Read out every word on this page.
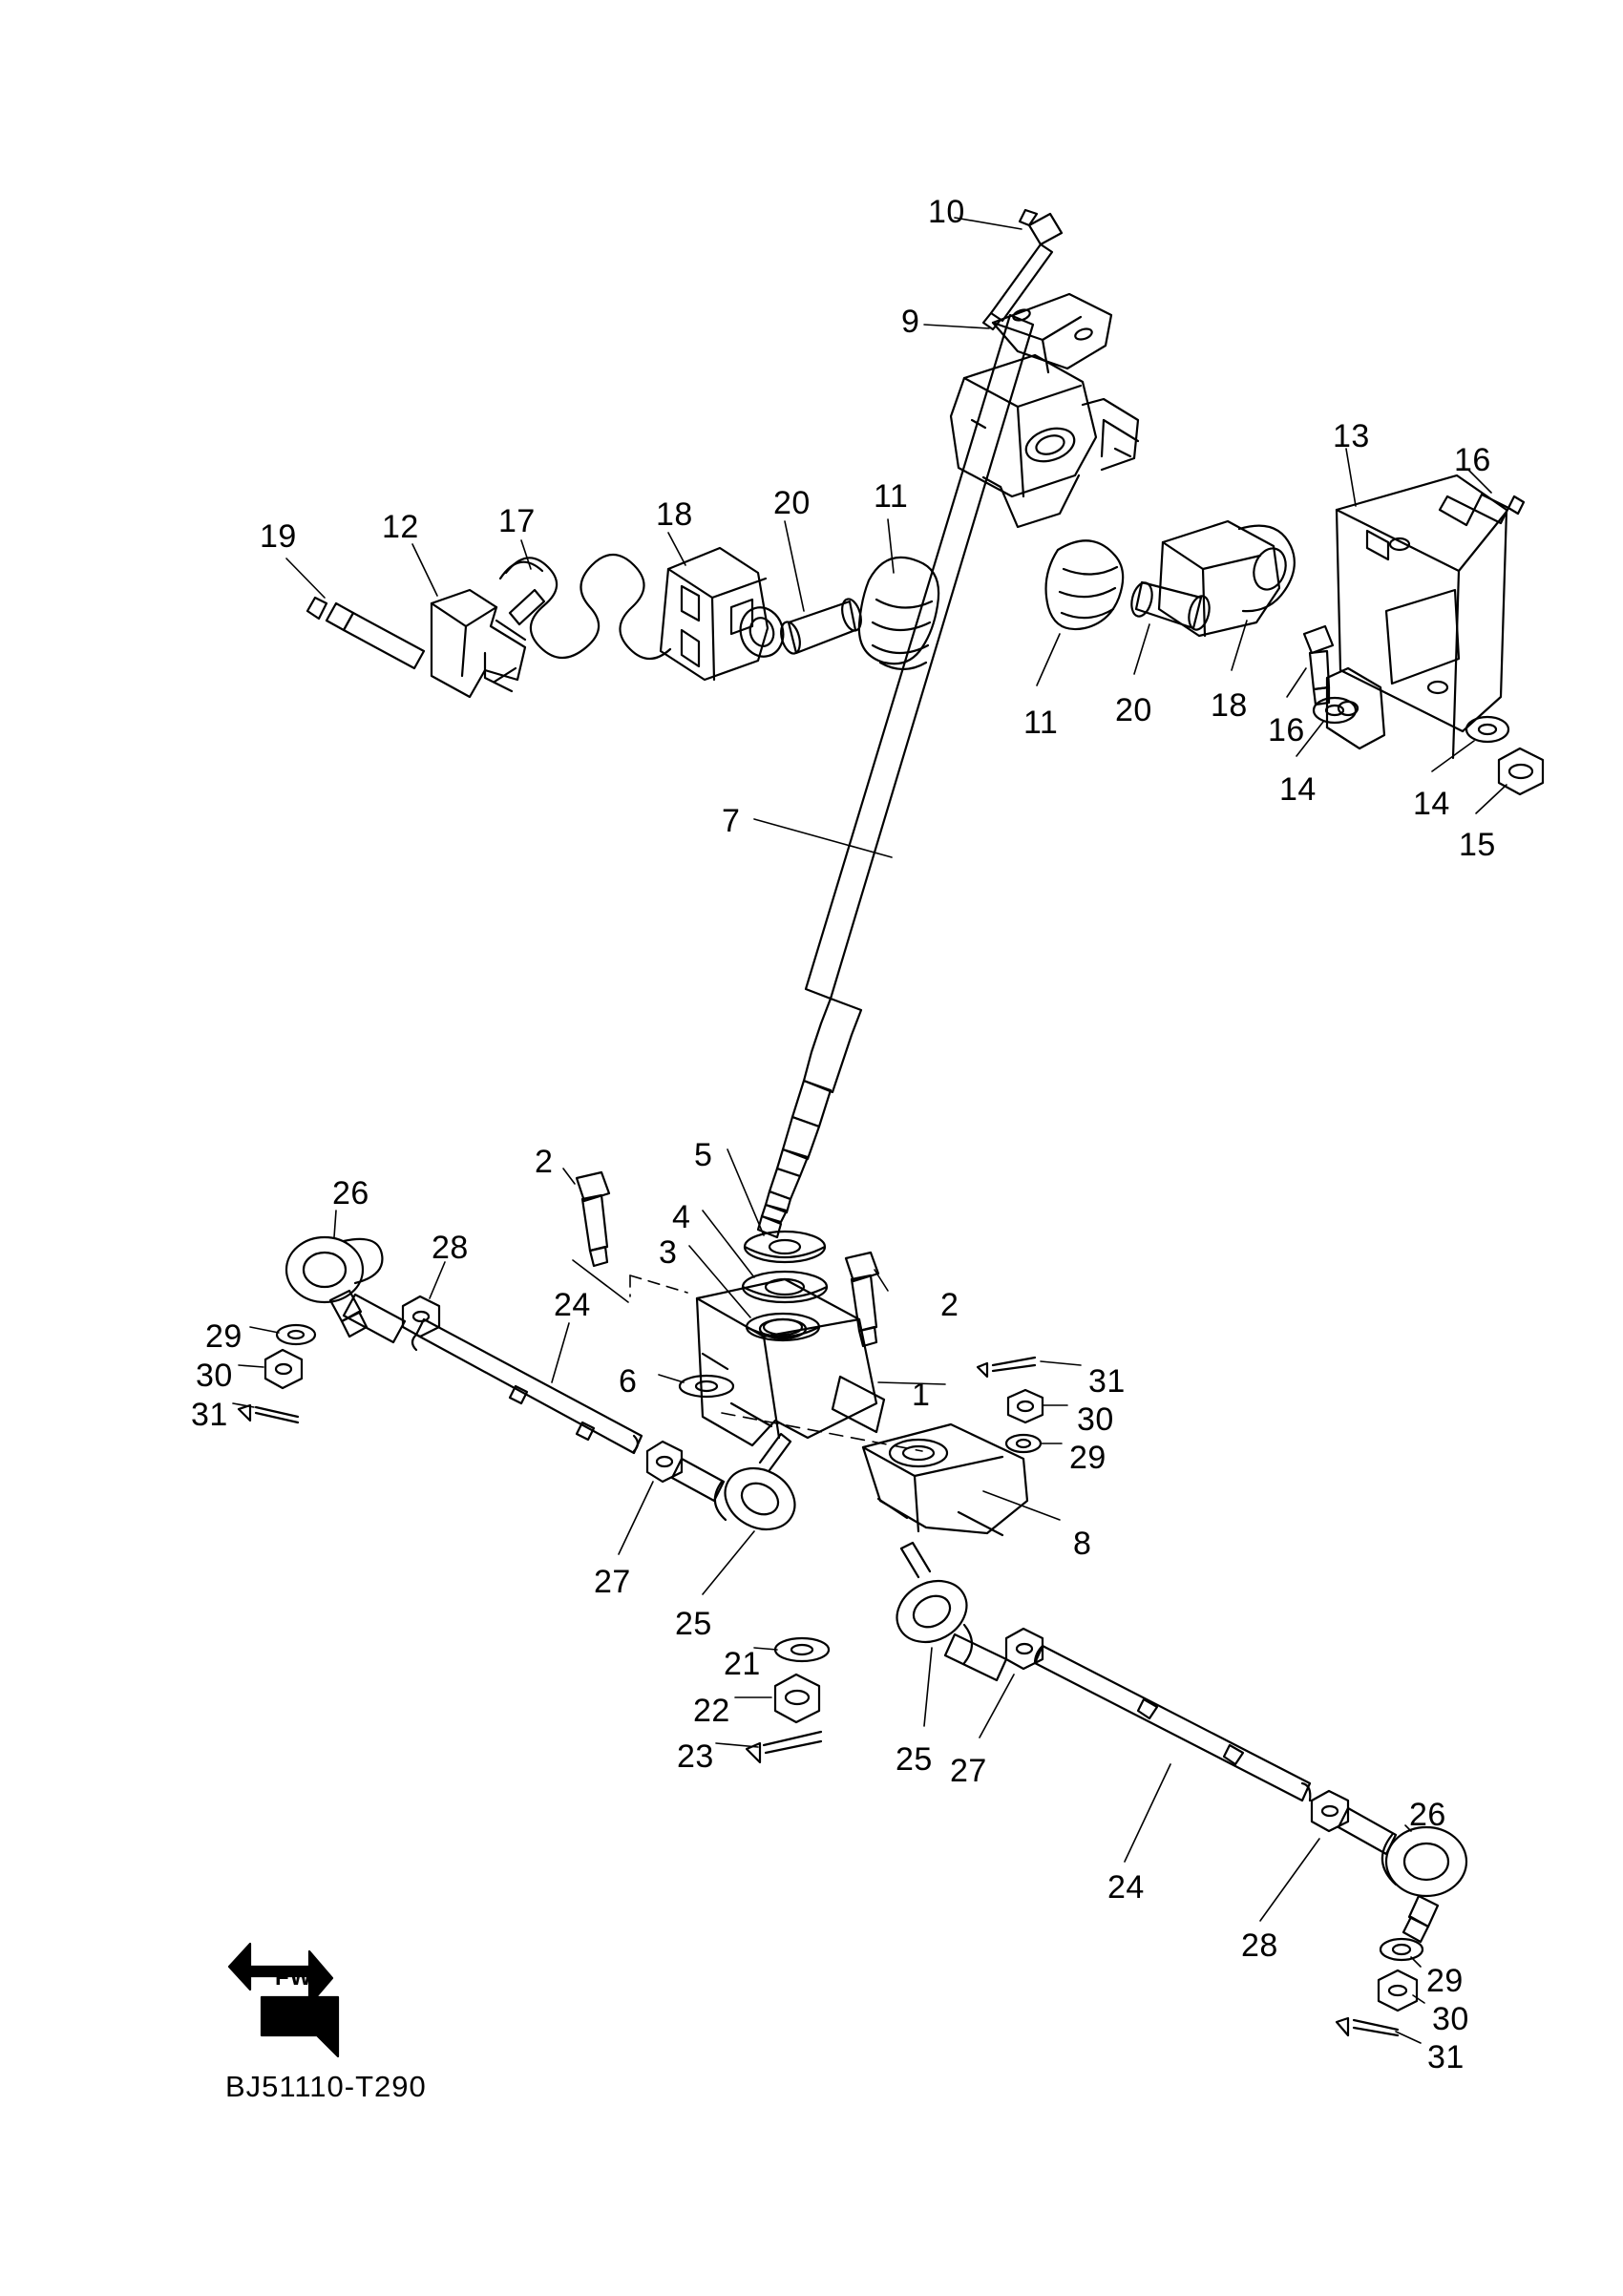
FWD
BJ51110-T290
10
9
13
16
19	12 17	18 20 11
11 20 18
16
14	14
15
7
2	5
4
3
26
28
29
30
31
24	2
6	1	31
30
29
27
25
8
21
22
23	25 27
26
24
28
29
30
31
